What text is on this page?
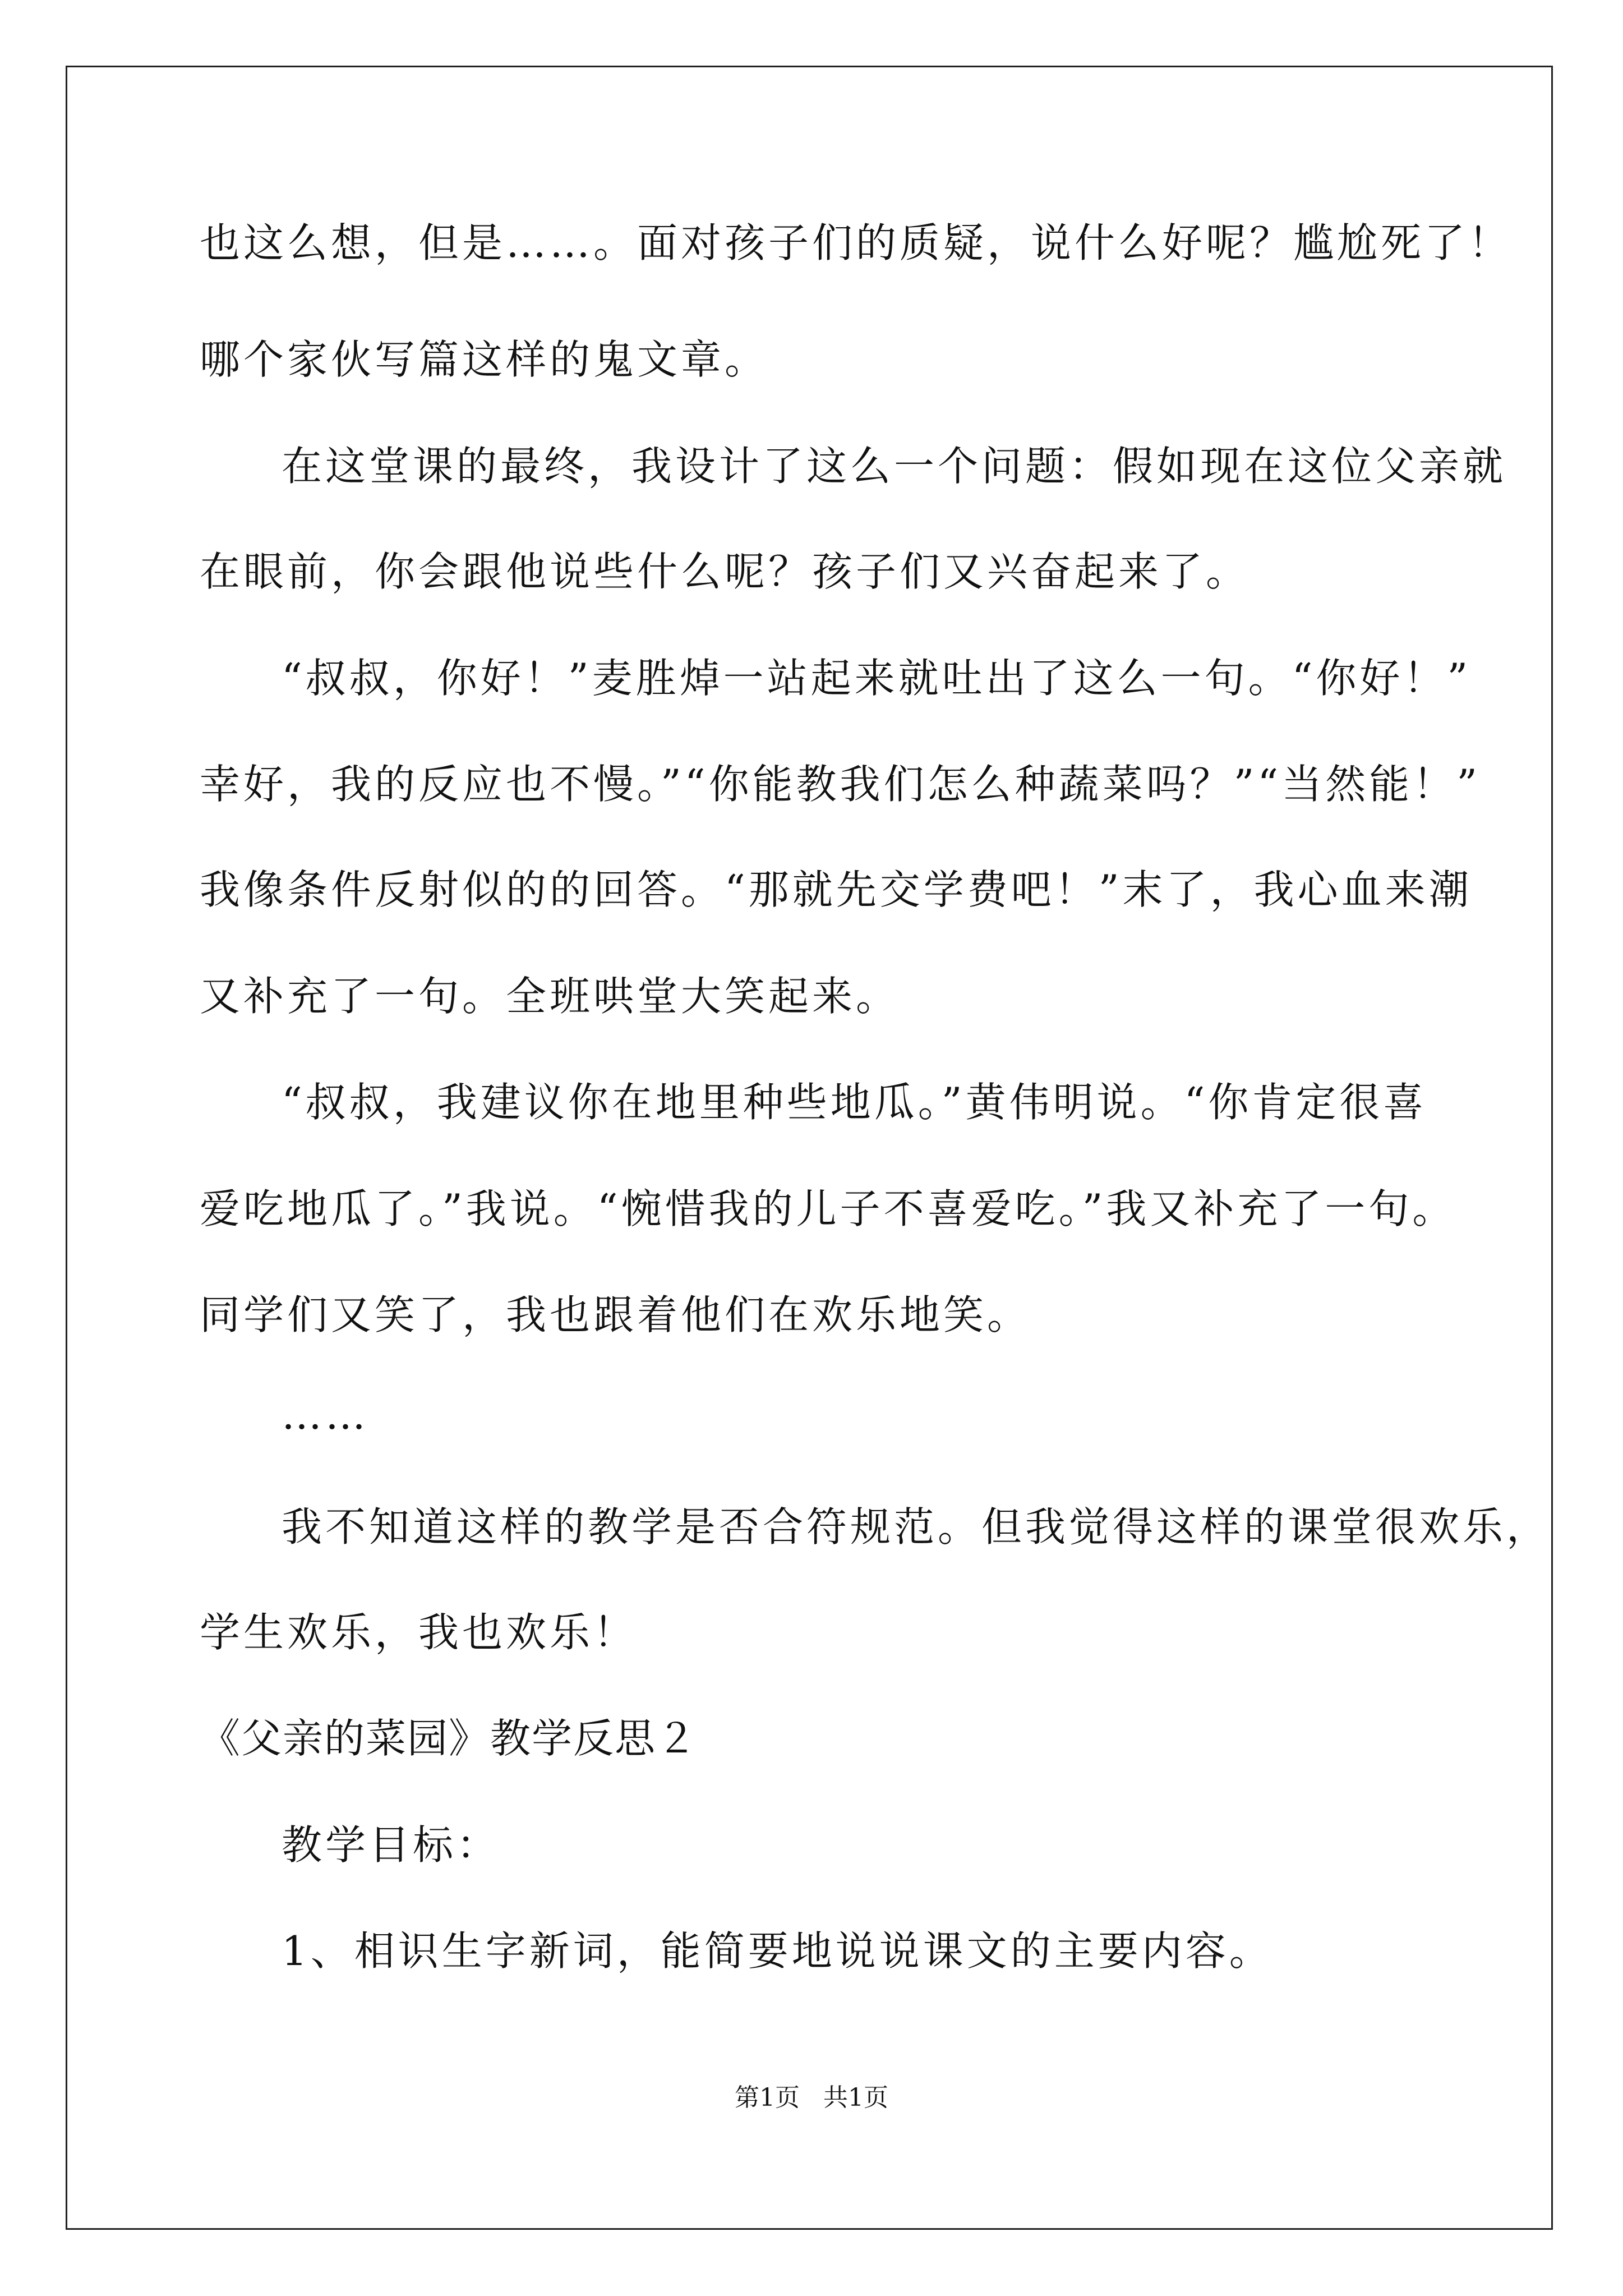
也这么想，但是……。面对孩子们的质疑，说什么好呢？尴尬死了！
哪个家伙写篇这样的鬼文章。
在这堂课的最终，我设计了这么一个问题：假如现在这位父亲就
在眼前，你会跟他说些什么呢？孩子们又兴奋起来了。
“叔叔，你好！”麦胜焯一站起来就吐出了这么一句。“你好！”
幸好，我的反应也不慢。”“你能教我们怎么种蔬菜吗？”“当然能！”
我像条件反射似的的回答。“那就先交学费吧！”末了，我心血来潮
又补充了一句。全班哄堂大笑起来。
“叔叔，我建议你在地里种些地瓜。”黄伟明说。“你肯定很喜
爱吃地瓜了。”我说。“惋惜我的儿子不喜爱吃。”我又补充了一句。
同学们又笑了，我也跟着他们在欢乐地笑。
……
我不知道这样的教学是否合符规范。但我觉得这样的课堂很欢乐，
学生欢乐，我也欢乐！
《父亲的菜园》教学反思２
教学目标：
1、相识生字新词，能简要地说说课文的主要内容。
第1页   共1页
